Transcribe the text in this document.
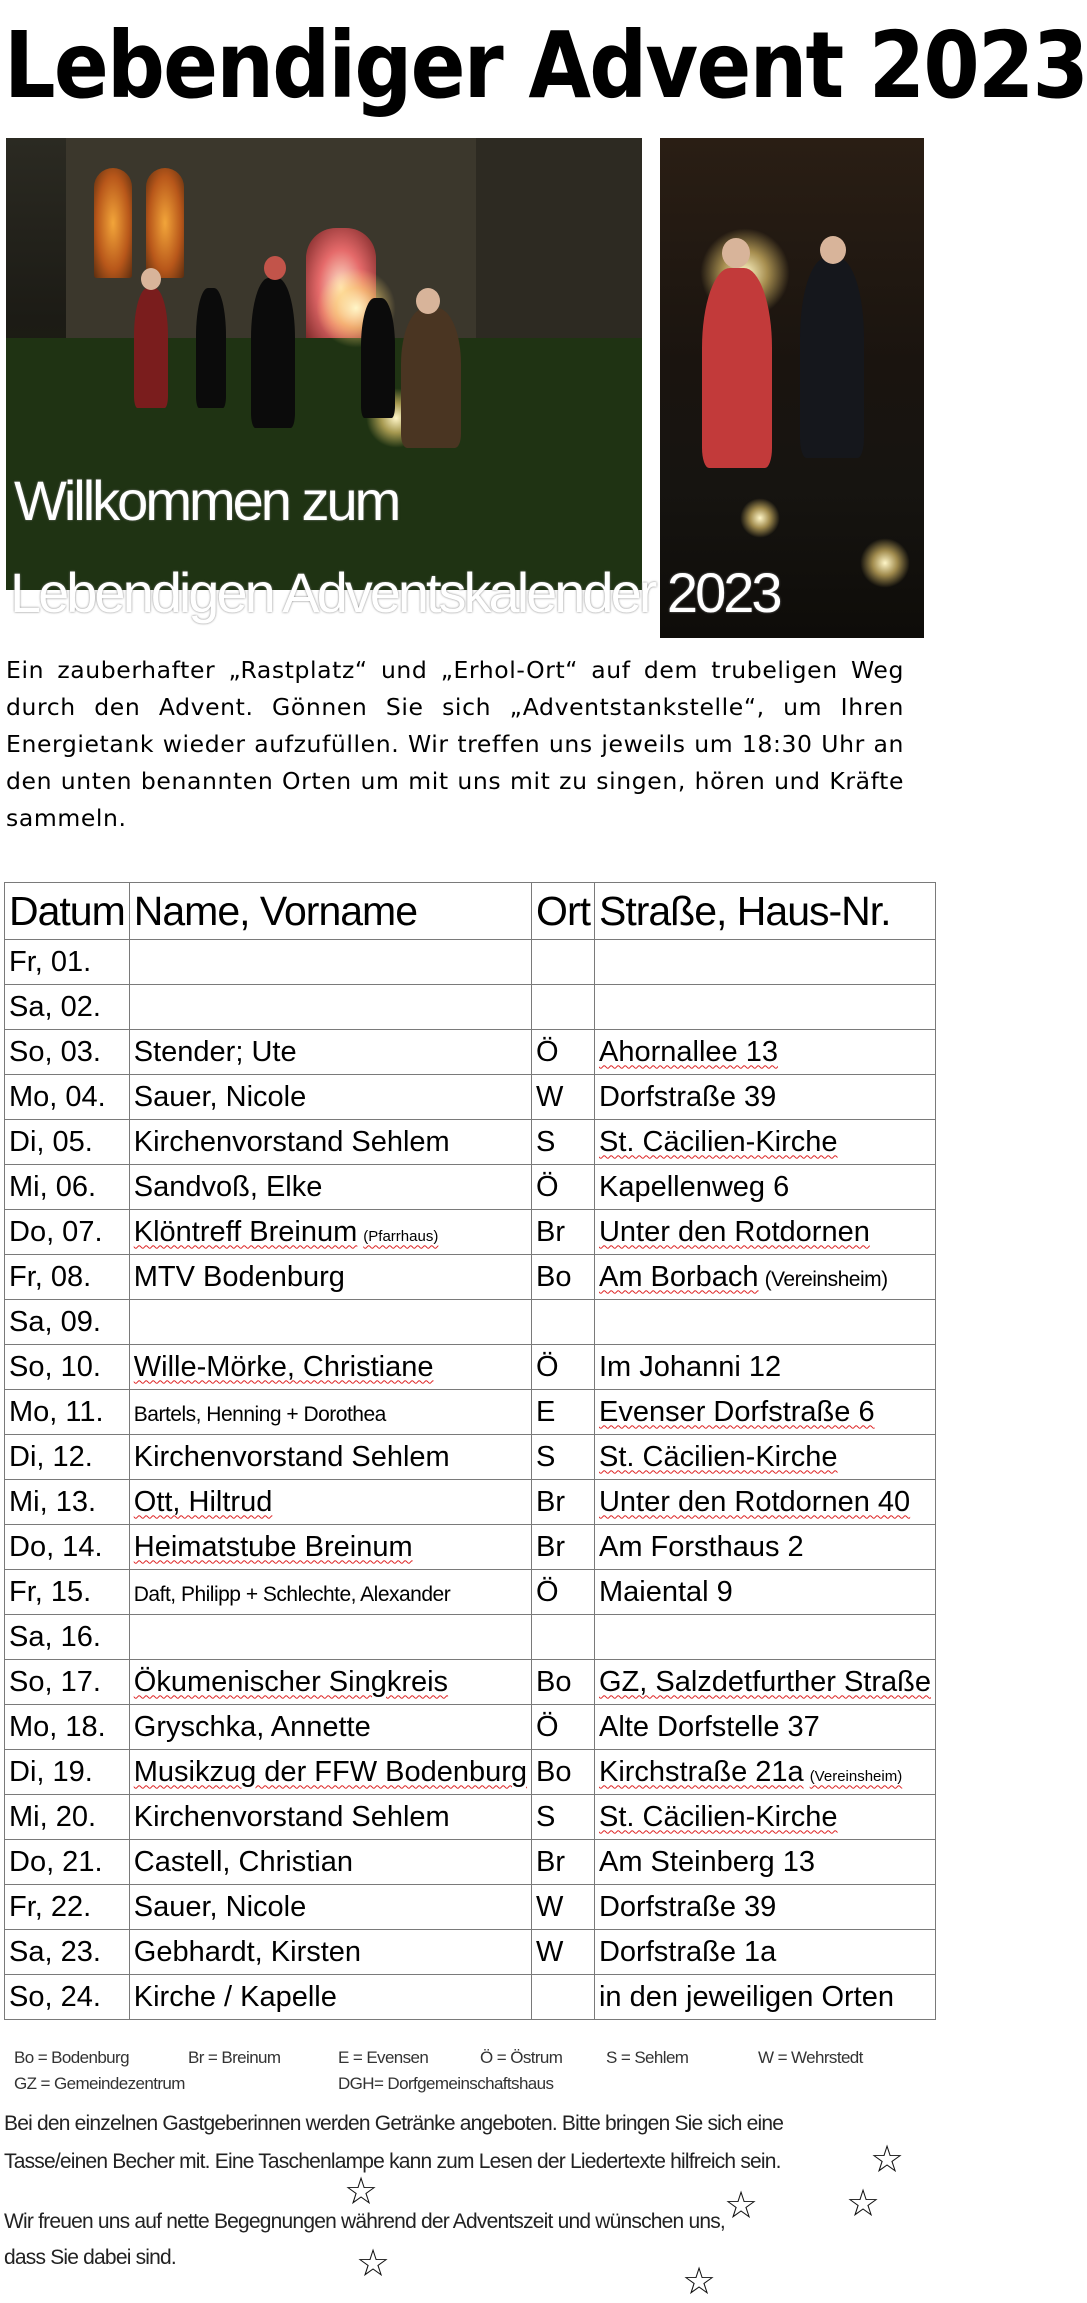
Lebendiger Advent 2023
Willkommen zum
Lebendigen Adventskalender 2023
Ein zauberhafter „Rastplatz“ und „Erhol-Ort“ auf dem trubeligen Weg durch den Advent. Gönnen Sie sich „Adventstankstelle“, um Ihren Energietank wieder aufzufüllen. Wir treffen uns jeweils um 18:30 Uhr an den unten benannten Orten um mit uns mit zu singen, hören und Kräfte sammeln.
Datum	Name, Vorname	Ort	Straße, Haus-Nr.
Fr, 01.			
Sa, 02.			
So, 03.	Stender; Ute	Ö	Ahornallee 13
Mo, 04.	Sauer, Nicole	W	Dorfstraße 39
Di, 05.	Kirchenvorstand Sehlem	S	St. Cäcilien-Kirche
Mi, 06.	Sandvoß, Elke	Ö	Kapellenweg 6
Do, 07.	Klöntreff Breinum (Pfarrhaus)	Br	Unter den Rotdornen
Fr, 08.	MTV Bodenburg	Bo	Am Borbach (Vereinsheim)
Sa, 09.			
So, 10.	Wille-Mörke, Christiane	Ö	Im Johanni 12
Mo, 11.	Bartels, Henning + Dorothea	E	Evenser Dorfstraße 6
Di, 12.	Kirchenvorstand Sehlem	S	St. Cäcilien-Kirche
Mi, 13.	Ott, Hiltrud	Br	Unter den Rotdornen 40
Do, 14.	Heimatstube Breinum	Br	Am Forsthaus 2
Fr, 15.	Daft, Philipp + Schlechte, Alexander	Ö	Maiental 9
Sa, 16.			
So, 17.	Ökumenischer Singkreis	Bo	GZ, Salzdetfurther Straße
Mo, 18.	Gryschka, Annette	Ö	Alte Dorfstelle 37
Di, 19.	Musikzug der FFW Bodenburg	Bo	Kirchstraße 21a (Vereinsheim)
Mi, 20.	Kirchenvorstand Sehlem	S	St. Cäcilien-Kirche
Do, 21.	Castell, Christian	Br	Am Steinberg 13
Fr, 22.	Sauer, Nicole	W	Dorfstraße 39
Sa, 23.	Gebhardt, Kirsten	W	Dorfstraße 1a
So, 24.	Kirche / Kapelle		in den jeweiligen Orten
Bo = Bodenburg	Br = Breinum	E = Evensen	Ö = Östrum	S = Sehlem	W = Wehrstedt
GZ = Gemeindezentrum	DGH= Dorfgemeinschaftshaus
Bei den einzelnen Gastgeberinnen werden Getränke angeboten. Bitte bringen Sie sich eine
Tasse/einen Becher mit. Eine Taschenlampe kann zum Lesen der Liedertexte hilfreich sein.
Wir freuen uns auf nette Begegnungen während der Adventszeit und wünschen uns,
dass Sie dabei sind.
☆
☆	☆ ☆
☆	☆
